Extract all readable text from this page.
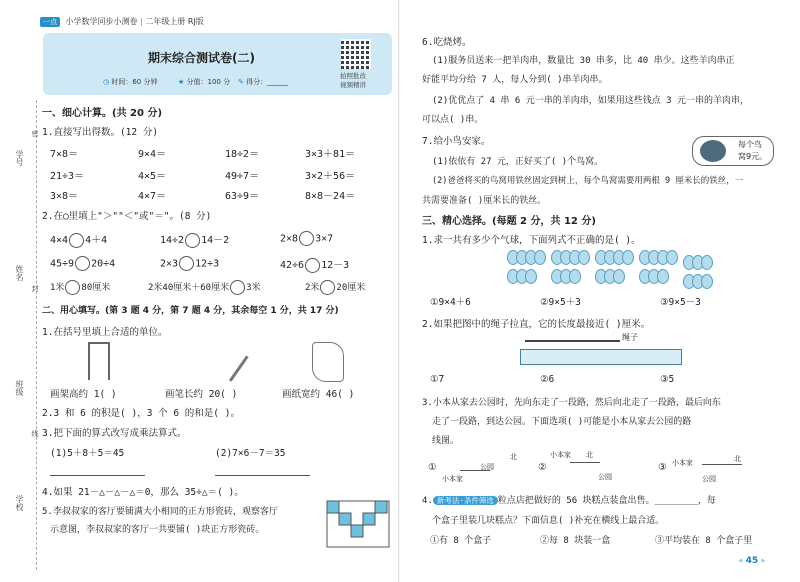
一点 小学数学同步小测卷 | 二年级上册 RJ版
期末综合测试卷(二)
◷ 时间：60 分钟	★ 分值：100 分 ✎ 得分：______
拍照批改
视频精讲
学号
姓名
班级
学校
密
封
线
一、细心计算。(共 20 分)
1.直接写出得数。(12 分)
7×8＝	9×4＝	18÷2＝	3×3＋81＝
21÷3＝	4×5＝	49÷7＝	3×2＋56＝
3×8＝	4×7＝	63÷9＝	8×8－24＝
2.在◯里填上"＞""＜"或"＝"。(8 分)
4×4 4＋4	14÷2 14－2	2×8 3×7
45÷9 20÷4	2×3 12÷3	42÷6 12－3
1米 80厘米	2米40厘米＋60厘米 3米	2米 20厘米
二、用心填写。(第 3 题 4 分，第 7 题 4 分，其余每空 1 分，共 17 分)
1.在括号里填上合适的单位。
画架高约 1( )	画笔长约 20( )	画纸宽约 46( )
2.3 和 6 的积是( )，3 个 6 的和是( )。
3.把下面的算式改写成乘法算式。
(1)5＋8＋5＝45	(2)7×6－7＝35
4.如果 21－△－△－△＝0，那么 35÷△＝( )。
5.李叔叔家的客厅要铺满大小相同的正方形瓷砖，观察客厅
示意图，李叔叔家的客厅一共要铺( )块正方形瓷砖。
6.吃烧烤。
(1)服务员送来一把羊肉串，数量比 30 串多，比 40 串少。这些羊肉串正
好能平均分给 7 人，每人分到( )串羊肉串。
(2)优优点了 4 串 6 元一串的羊肉串，如果用这些钱点 3 元一串的羊肉串，
可以点( )串。
7.给小鸟安家。	每个鸟
窝9元。
(1)依依有 27 元，正好买了( )个鸟窝。
(2)爸爸将买的鸟窝用铁丝固定到树上，每个鸟窝需要用两根 9 厘米长的铁丝，一
共需要准备( )厘米长的铁丝。
三、精心选择。(每题 2 分，共 12 分)
1.求一共有多少个气球，下面列式不正确的是( )。

①9×4＋6	②9×5＋3	③9×5－3
2.如果把图中的绳子拉直，它的长度最接近( )厘米。
绳子
①7	②6	③5
3.小本从家去公园时，先向东走了一段路，然后向北走了一段路，最后向东
走了一段路，到达公园。下面选项( )可能是小本从家去公园的路
线图。
①
小本家
公园
北
②
小本家 北
公园
③ 小本家	北
公园
4. 新考法·条件筛选 粒点店把做好的 56 块糕点装盒出售。________，每
个盒子里装几块糕点？下面信息( )补充在横线上最合适。
①有 8 个盒子	②每 8 块装一盒	③平均装在 8 个盒子里
◂ 45 ▸
